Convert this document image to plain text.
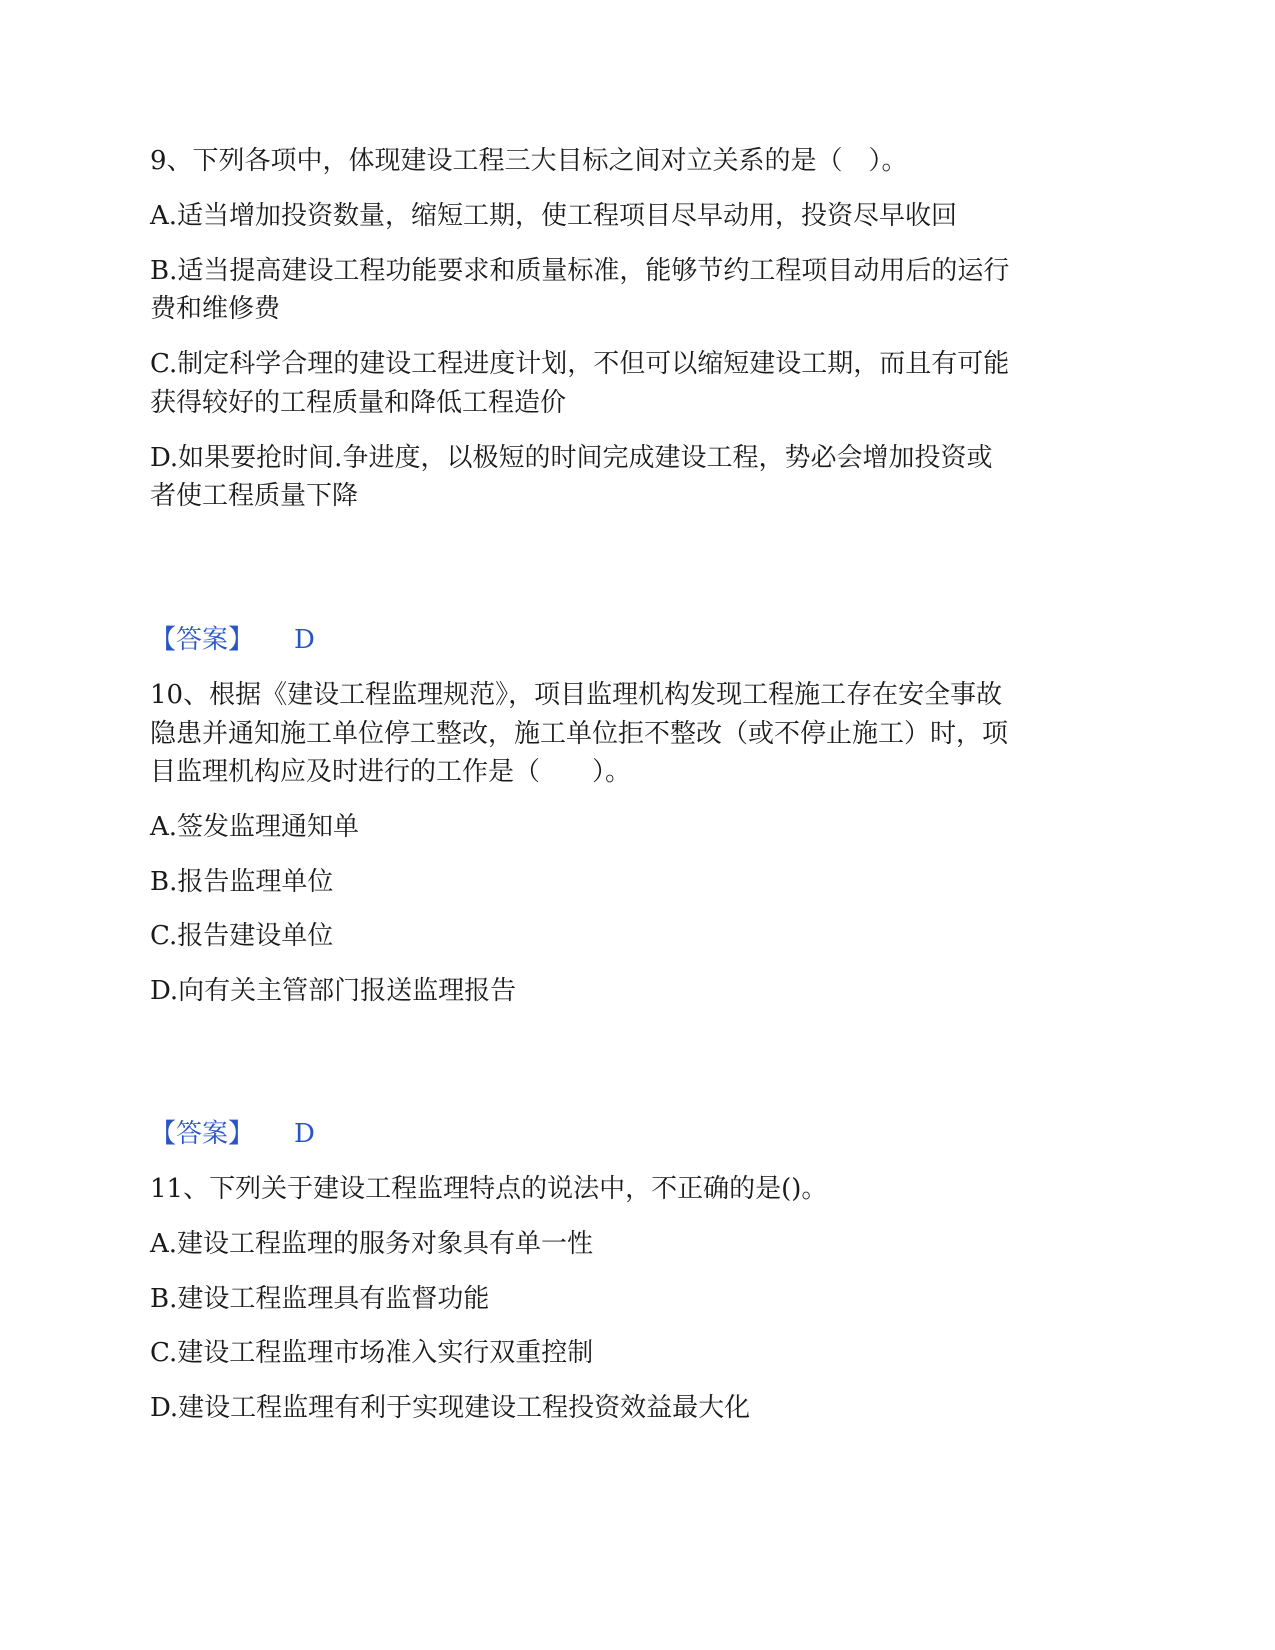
9、下列各项中，体现建设工程三大目标之间对立关系的是（　）。
A.适当增加投资数量，缩短工期，使工程项目尽早动用，投资尽早收回
B.适当提高建设工程功能要求和质量标准，能够节约工程项目动用后的运行
费和维修费
C.制定科学合理的建设工程进度计划，不但可以缩短建设工期，而且有可能
获得较好的工程质量和降低工程造价
D.如果要抢时间.争进度，以极短的时间完成建设工程，势必会增加投资或
者使工程质量下降
【答案】 D
10、根据《建设工程监理规范》，项目监理机构发现工程施工存在安全事故
隐患并通知施工单位停工整改，施工单位拒不整改（或不停止施工）时，项
目监理机构应及时进行的工作是（　　）。
A.签发监理通知单
B.报告监理单位
C.报告建设单位
D.向有关主管部门报送监理报告
【答案】 D
11、下列关于建设工程监理特点的说法中，不正确的是()。
A.建设工程监理的服务对象具有单一性
B.建设工程监理具有监督功能
C.建设工程监理市场准入实行双重控制
D.建设工程监理有利于实现建设工程投资效益最大化
